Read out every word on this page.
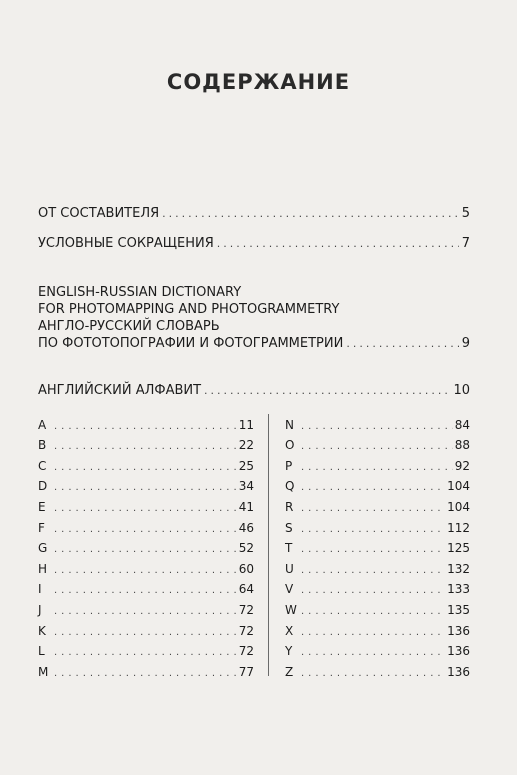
СОДЕРЖАНИЕ
ОТ СОСТАВИТЕЛЯ .....	5
УСЛОВНЫЕ СОКРАЩЕНИЯ .....	7
ENGLISH-RUSSIAN DICTIONARY
FOR PHOTOMAPPING AND PHOTOGRAMMETRY
АНГЛО-РУССКИЙ СЛОВАРЬ
ПО ФОТОТОПОГРАФИИ И ФОТОГРАММЕТРИИ .....	9
АНГЛИЙСКИЙ АЛФАВИТ .....	10
A .....	11
B .....	22
C .....	25
D .....	34
E .....	41
F .....	46
G .....	52
H .....	60
I .....	64
J .....	72
K .....	72
L .....	72
M .....	77
N .....	84
O .....	88
P .....	92
Q .....	104
R .....	104
S .....	112
T .....	125
U .....	132
V .....	133
W .....	135
X .....	136
Y .....	136
Z .....	136
